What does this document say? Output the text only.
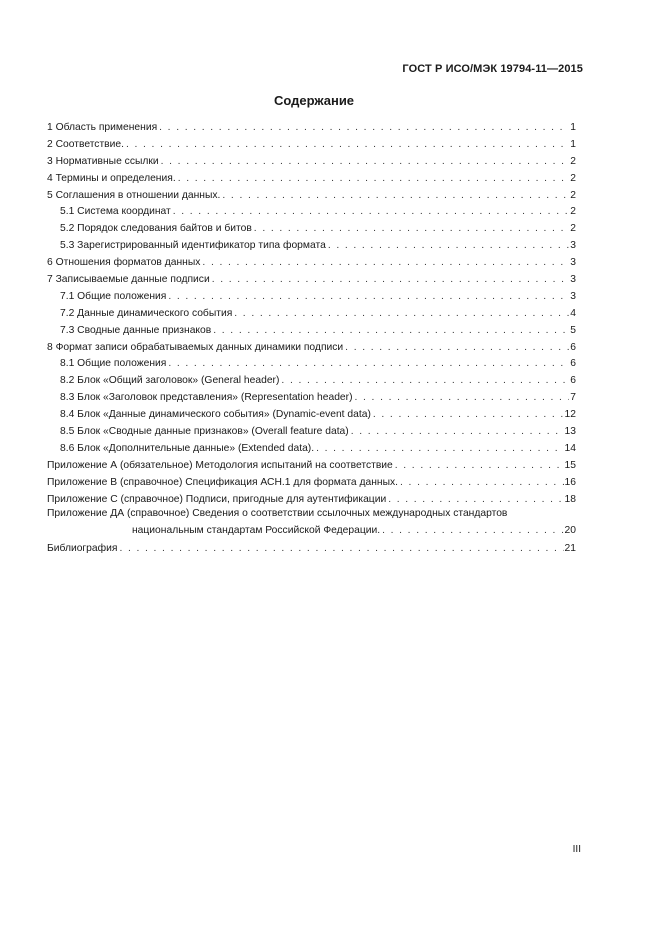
ГОСТ Р ИСО/МЭК 19794-11—2015
Содержание
1 Область применения . . .	1
2 Соответствие. . . .	1
3 Нормативные ссылки . . .	2
4 Термины и определения. . . .	2
5 Соглашения в отношении данных. . . .	2
5.1 Система координат . . .	2
5.2 Порядок следования байтов и битов . . .	2
5.3 Зарегистрированный идентификатор типа формата . . .	3
6 Отношения форматов данных . . .	3
7 Записываемые данные подписи . . .	3
7.1 Общие положения . . .	3
7.2 Данные динамического события . . .	4
7.3 Сводные данные признаков . . .	5
8 Формат записи обрабатываемых данных динамики подписи . . .	6
8.1 Общие положения . . .	6
8.2 Блок «Общий заголовок» (General header) . . .	6
8.3 Блок «Заголовок представления» (Representation header) . . .	7
8.4 Блок «Данные динамического события» (Dynamic-event data) . . .	12
8.5 Блок «Сводные данные признаков» (Overall feature data) . . .	13
8.6 Блок «Дополнительные данные» (Extended data). . . .	14
Приложение А (обязательное) Методология испытаний на соответствие . . .	15
Приложение В (справочное) Спецификация АСН.1 для формата данных. . . .	16
Приложение С (справочное) Подписи, пригодные для аутентификации . . .	18
Приложение ДА (справочное) Сведения о соответствии ссылочных международных стандартов
национальным стандартам Российской Федерации. . . .	20
Библиография . . .	21
III
